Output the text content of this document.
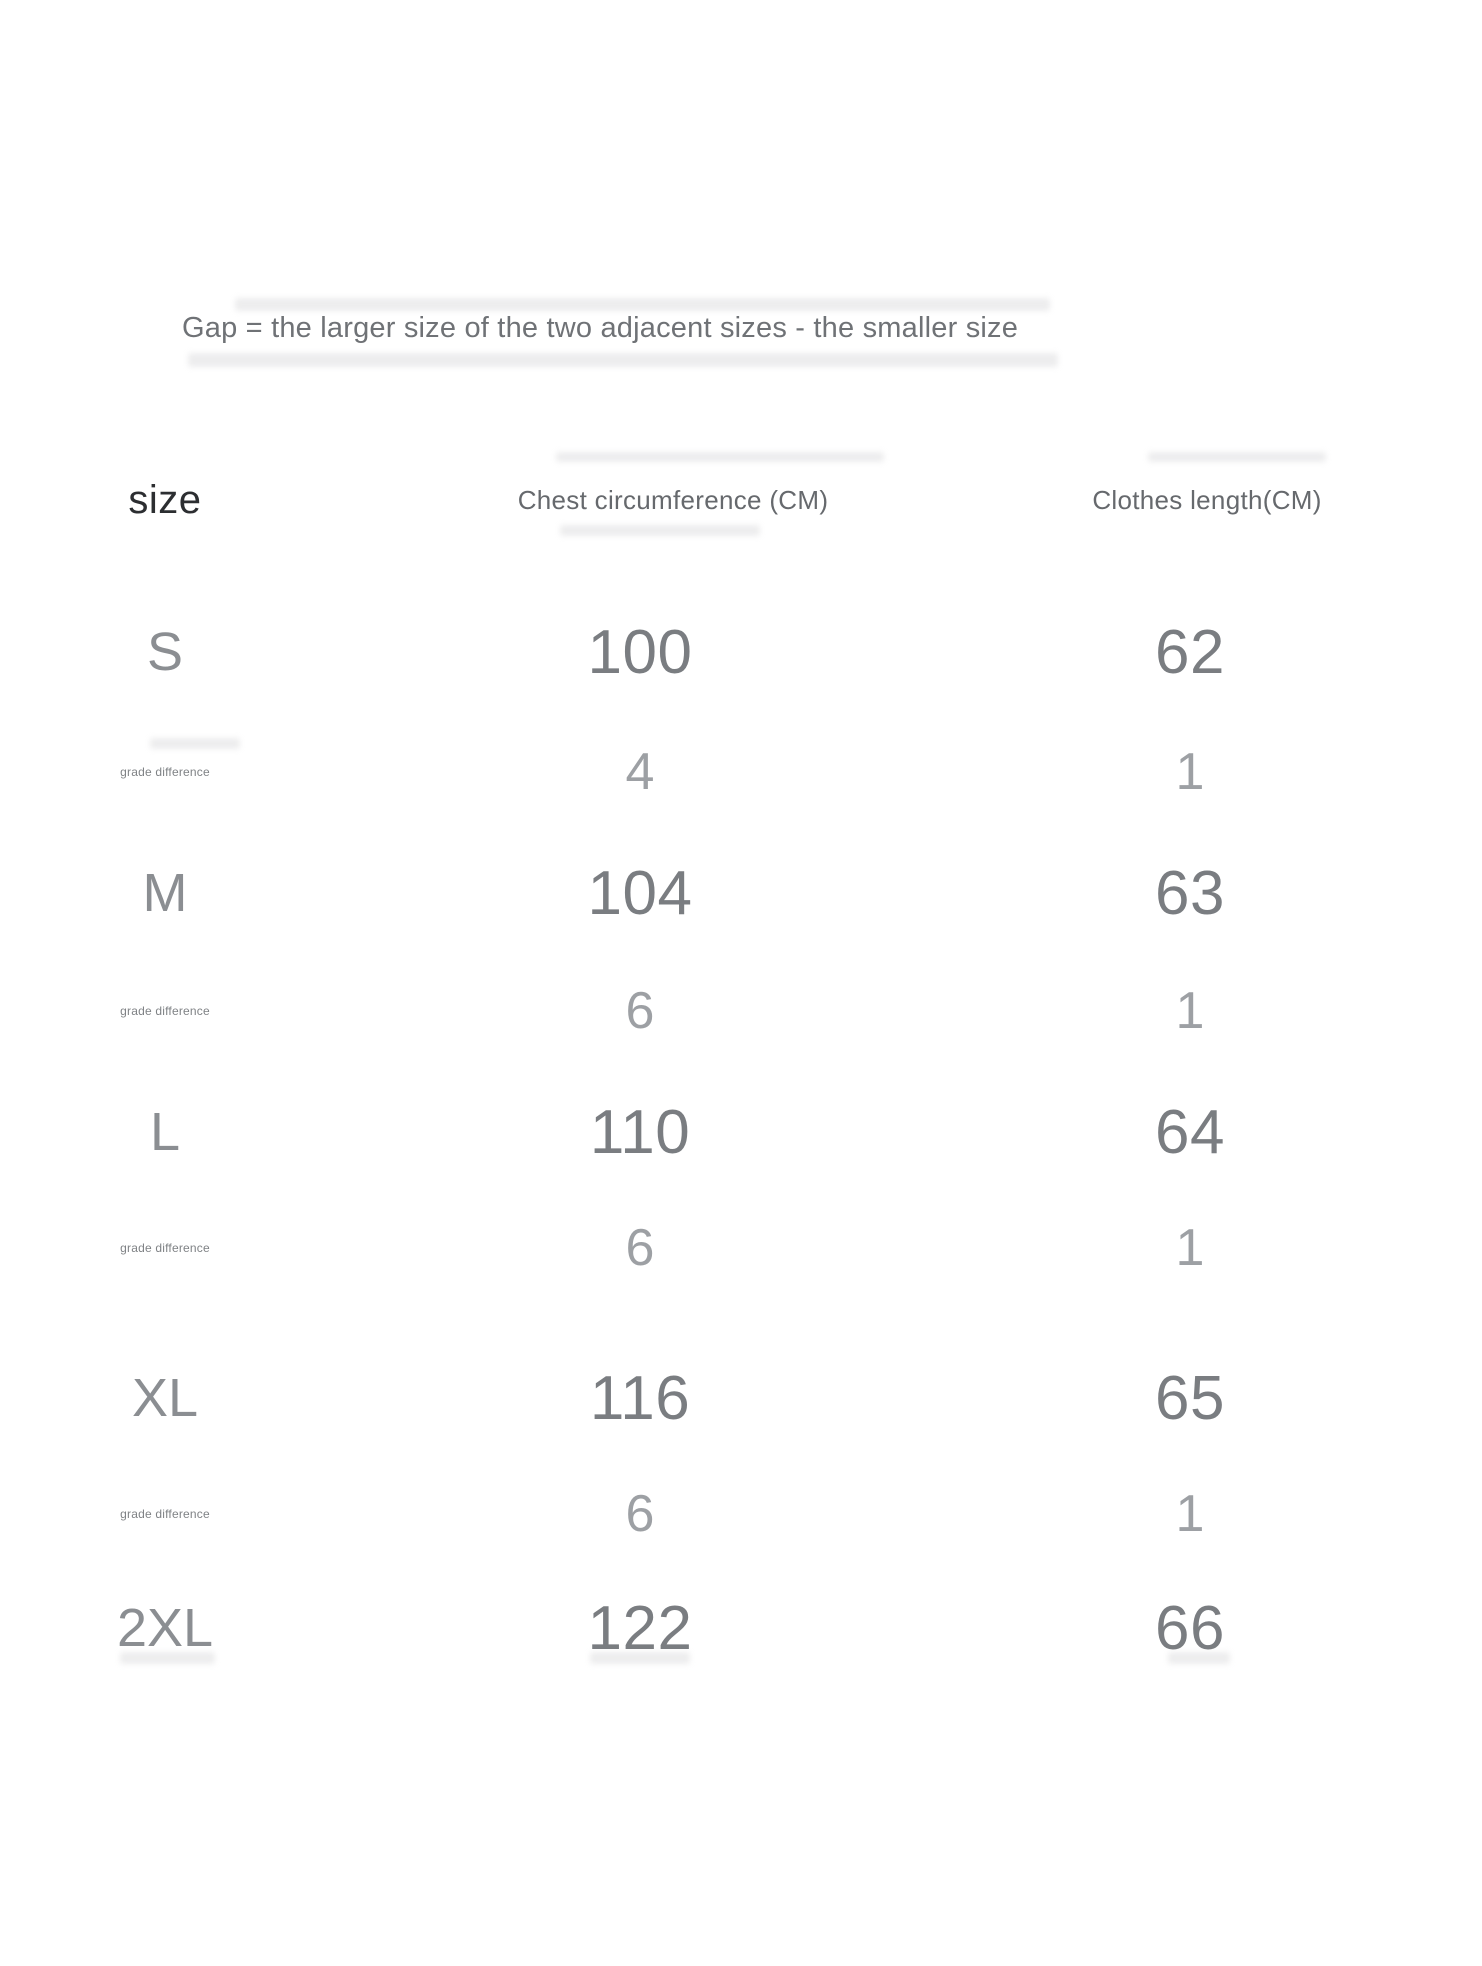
Gap = the larger size of the two adjacent sizes - the smaller size
size	Chest circumference (CM)	Clothes length(CM)
S	100	62
grade difference	4	1
M	104	63
grade difference	6	1
L	110	64
grade difference	6	1
XL	116	65
grade difference	6	1
2XL	122	66
